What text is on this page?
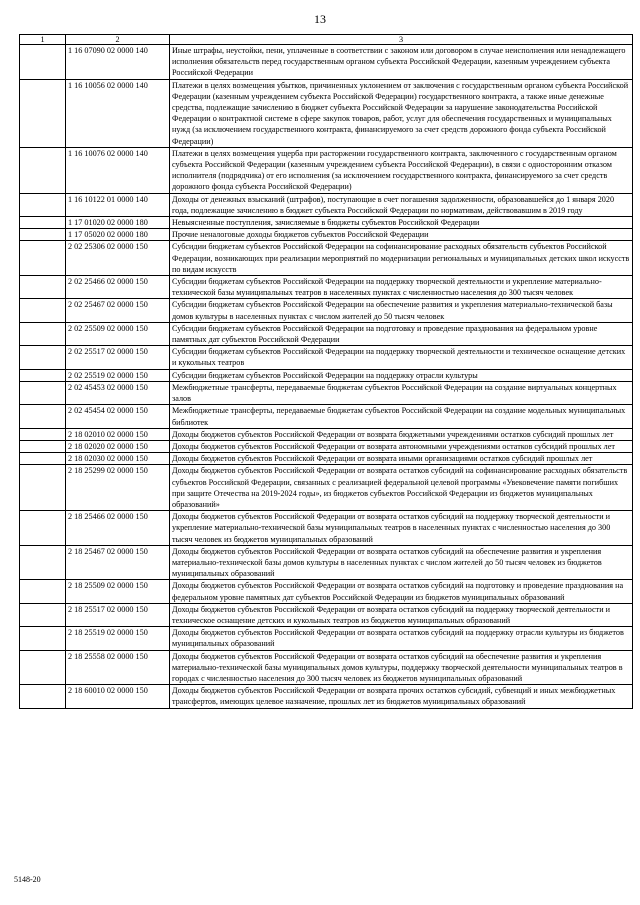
13
1	2	3
	1 16 07090 02 0000 140	Иные штрафы, неустойки, пени, уплаченные в соответствии с законом или договором в случае неисполнения или ненадлежащего исполнения обязательств перед государственным органом субъекта Российской Федерации, казенным учреждением субъекта Российской Федерации
	1 16 10056 02 0000 140	Платежи в целях возмещения убытков, причиненных уклонением от заключения с государственным органом субъекта Российской Федерации (казенным учреждением субъекта Российской Федерации) государственного контракта, а также иные денежные средства, подлежащие зачислению в бюджет субъекта Российской Федерации за нарушение законодательства Российской Федерации о контрактной системе в сфере закупок товаров, работ, услуг для обеспечения государственных и муниципальных нужд (за исключением государственного контракта, финансируемого за счет средств дорожного фонда субъекта Российской Федерации)
	1 16 10076 02 0000 140	Платежи в целях возмещения ущерба при расторжении государственного контракта, заключенного с государственным органом субъекта Российской Федерации (казенным учреждением субъекта Российской Федерации), в связи с односторонним отказом исполнителя (подрядчика) от его исполнения (за исключением государственного контракта, финансируемого за счет средств дорожного фонда субъекта Российской Федерации)
	1 16 10122 01 0000 140	Доходы от денежных взысканий (штрафов), поступающие в счет погашения задолженности, образовавшейся до 1 января 2020 года, подлежащие зачислению в бюджет субъекта Российской Федерации по нормативам, действовавшим в 2019 году
	1 17 01020 02 0000 180	Невыясненные поступления, зачисляемые в бюджеты субъектов Российской Федерации
	1 17 05020 02 0000 180	Прочие неналоговые доходы бюджетов субъектов Российской Федерации
	2 02 25306 02 0000 150	Субсидии бюджетам субъектов Российской Федерации на софинансирование расходных обязательств субъектов Российской Федерации, возникающих при реализации мероприятий по модернизации региональных и муниципальных детских школ искусств по видам искусств
	2 02 25466 02 0000 150	Субсидии бюджетам субъектов Российской Федерации на поддержку творческой деятельности и укрепление материально-технической базы муниципальных театров в населенных пунктах с численностью населения до 300 тысяч человек
	2 02 25467 02 0000 150	Субсидии бюджетам субъектов Российской Федерации на обеспечение развития и укрепления материально-технической базы домов культуры в населенных пунктах с числом жителей до 50 тысяч человек
	2 02 25509 02 0000 150	Субсидии бюджетам субъектов Российской Федерации на подготовку и проведение празднования на федеральном уровне памятных дат субъектов Российской Федерации
	2 02 25517 02 0000 150	Субсидии бюджетам субъектов Российской Федерации на поддержку творческой деятельности и техническое оснащение детских и кукольных театров
	2 02 25519 02 0000 150	Субсидии бюджетам субъектов Российской Федерации на поддержку отрасли культуры
	2 02 45453 02 0000 150	Межбюджетные трансферты, передаваемые бюджетам субъектов Российской Федерации на создание виртуальных концертных залов
	2 02 45454 02 0000 150	Межбюджетные трансферты, передаваемые бюджетам субъектов Российской Федерации на создание модельных муниципальных библиотек
	2 18 02010 02 0000 150	Доходы бюджетов субъектов Российской Федерации от возврата бюджетными учреждениями остатков субсидий прошлых лет
	2 18 02020 02 0000 150	Доходы бюджетов субъектов Российской Федерации от возврата автономными учреждениями остатков субсидий прошлых лет
	2 18 02030 02 0000 150	Доходы бюджетов субъектов Российской Федерации от возврата иными организациями остатков субсидий прошлых лет
	2 18 25299 02 0000 150	Доходы бюджетов субъектов Российской Федерации от возврата остатков субсидий на софинансирование расходных обязательств субъектов Российской Федерации, связанных с реализацией федеральной целевой программы «Увековечение памяти погибших при защите Отечества на 2019-2024 годы», из бюджетов субъектов Российской Федерации из бюджетов муниципальных образований»
	2 18 25466 02 0000 150	Доходы бюджетов субъектов Российской Федерации от возврата остатков субсидий на поддержку творческой деятельности и укрепление материально-технической базы муниципальных театров в населенных пунктах с численностью населения до 300 тысяч человек из бюджетов муниципальных образований
	2 18 25467 02 0000 150	Доходы бюджетов субъектов Российской Федерации от возврата остатков субсидий на обеспечение развития и укрепления материально-технической базы домов культуры в населенных пунктах с числом жителей до 50 тысяч человек из бюджетов муниципальных образований
	2 18 25509 02 0000 150	Доходы бюджетов субъектов Российской Федерации от возврата остатков субсидий на подготовку и проведение празднования на федеральном уровне памятных дат субъектов Российской Федерации из бюджетов муниципальных образований
	2 18 25517 02 0000 150	Доходы бюджетов субъектов Российской Федерации от возврата остатков субсидий на поддержку творческой деятельности и техническое оснащение детских и кукольных театров из бюджетов муниципальных образований
	2 18 25519 02 0000 150	Доходы бюджетов субъектов Российской Федерации от возврата остатков субсидий на поддержку отрасли культуры из бюджетов муниципальных образований
	2 18 25558 02 0000 150	Доходы бюджетов субъектов Российской Федерации от возврата остатков субсидий на обеспечение развития и укрепления материально-технической базы муниципальных домов культуры, поддержку творческой деятельности муниципальных театров в городах с численностью населения до 300 тысяч человек из бюджетов муниципальных образований
	2 18 60010 02 0000 150	Доходы бюджетов субъектов Российской Федерации от возврата прочих остатков субсидий, субвенций и иных межбюджетных трансфертов, имеющих целевое назначение, прошлых лет из бюджетов муниципальных образований
5148-20
